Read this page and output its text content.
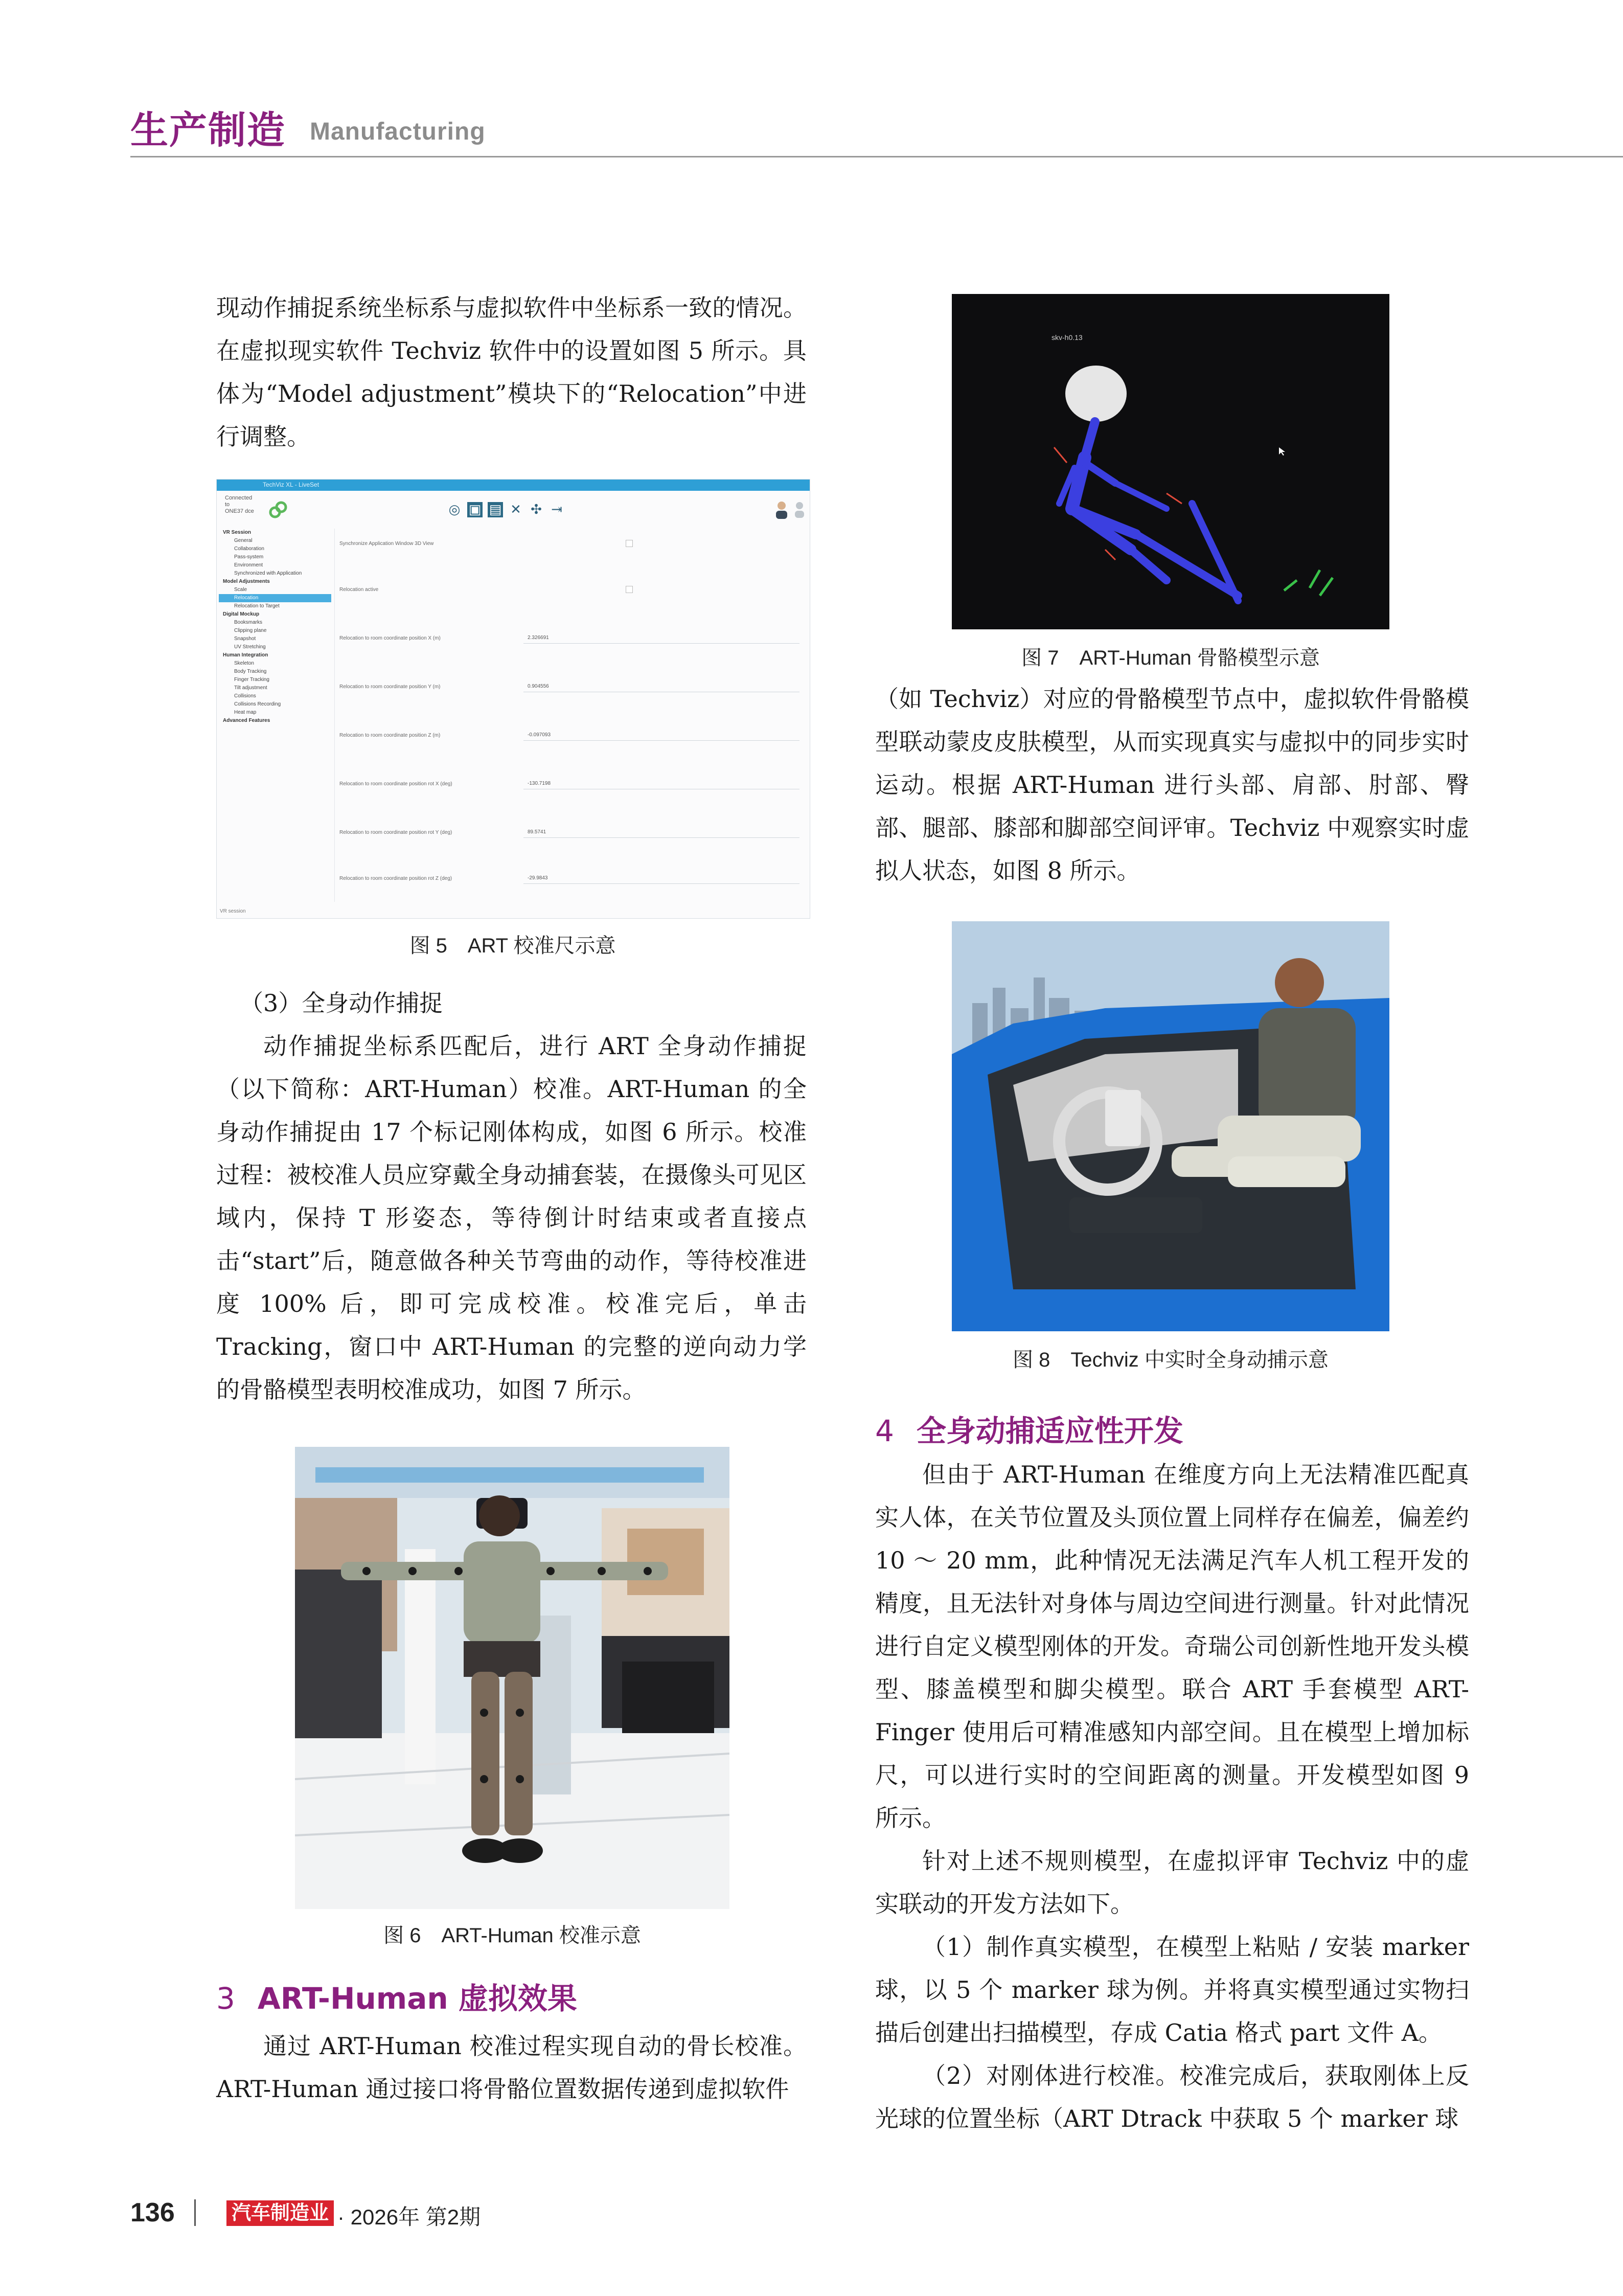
生产制造 Manufacturing

现动作捕捉系统坐标系与虚拟软件中坐标系一致的情况。在虚拟现实软件 Techviz 软件中的设置如图 5 所示。具体为“Model adjustment”模块下的“Relocation”中进行调整。

TechViz XL - LiveSet
Connected
to
ONE37 dce	◎ ▣ ▤ ✕ ✣ ⇥
VR Session
General
Collaboration
Pass-system
Environment
Synchronized with Application
Model Adjustments
Scale
Relocation
Relocation to Target
Digital Mockup
Booksmarks
Clipping plane
Snapshot
UV Stretching
Human Integration
Skeleton
Body Tracking
Finger Tracking
Tilt adjustment
Collisions
Collisions Recording
Heat map
Advanced Features
Synchronize Application Window 3D View
Relocation active
Relocation to room coordinate position X (m)	2.326691
Relocation to room coordinate position Y (m)	0.904556
Relocation to room coordinate position Z (m)	-0.097093
Relocation to room coordinate position rot X (deg)	-130.7198
Relocation to room coordinate position rot Y (deg)	89.5741
Relocation to room coordinate position rot Z (deg)	-29.9843
VR session
图 5　ART 校准尺示意

（3）全身动作捕捉

动作捕捉坐标系匹配后，进行 ART 全身动作捕捉（以下简称：ART-Human）校准。ART-Human 的全身动作捕捉由 17 个标记刚体构成，如图 6 所示。校准过程：被校准人员应穿戴全身动捕套装，在摄像头可见区域内，保持 T 形姿态，等待倒计时结束或者直接点击“start”后，随意做各种关节弯曲的动作，等待校准进度 100% 后，即可完成校准。校准完后，单击 Tracking，窗口中 ART-Human 的完整的逆向动力学的骨骼模型表明校准成功，如图 7 所示。

图 6　ART-Human 校准示意
3 ART-Human 虚拟效果

通过 ART-Human 校准过程实现自动的骨长校准。ART-Human 通过接口将骨骼位置数据传递到虚拟软件

skv-h0.13
图 7　ART-Human 骨骼模型示意

（如 Techviz）对应的骨骼模型节点中，虚拟软件骨骼模型联动蒙皮皮肤模型，从而实现真实与虚拟中的同步实时运动。根据 ART-Human 进行头部、肩部、肘部、臀部、腿部、膝部和脚部空间评审。Techviz 中观察实时虚拟人状态，如图 8 所示。

图 8　Techviz 中实时全身动捕示意
4 全身动捕适应性开发

但由于 ART-Human 在维度方向上无法精准匹配真实人体，在关节位置及头顶位置上同样存在偏差，偏差约 10 ～ 20 mm，此种情况无法满足汽车人机工程开发的精度，且无法针对身体与周边空间进行测量。针对此情况进行自定义模型刚体的开发。奇瑞公司创新性地开发头模型、膝盖模型和脚尖模型。联合 ART 手套模型 ART-Finger 使用后可精准感知内部空间。且在模型上增加标尺，可以进行实时的空间距离的测量。开发模型如图 9 所示。

针对上述不规则模型，在虚拟评审 Techviz 中的虚实联动的开发方法如下。

（1）制作真实模型，在模型上粘贴 / 安装 marker 球，以 5 个 marker 球为例。并将真实模型通过实物扫描后创建出扫描模型，存成 Catia 格式 part 文件 A。

（2）对刚体进行校准。校准完成后，获取刚体上反光球的位置坐标（ART Dtrack 中获取 5 个 marker 球

136	汽车制造业 · 2026年 第2期
